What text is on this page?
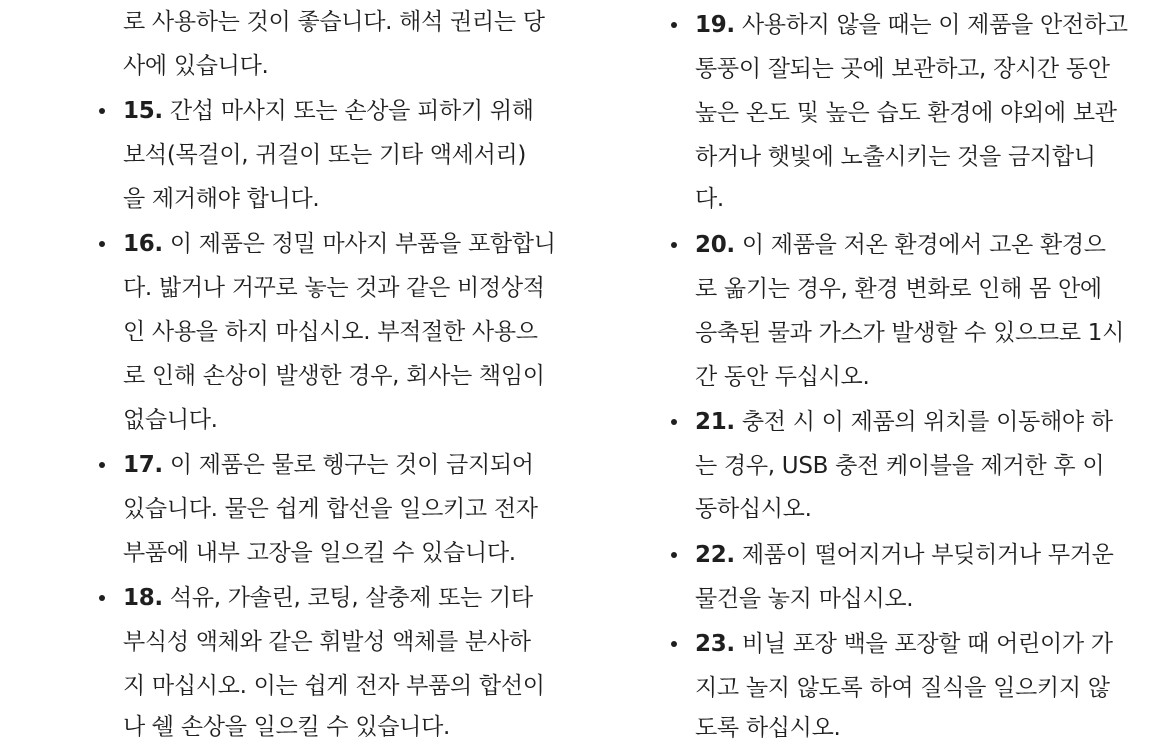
로 사용하는 것이 좋습니다. 해석 권리는 당
사에 있습니다.
15. 간섭 마사지 또는 손상을 피하기 위해
보석(목걸이, 귀걸이 또는 기타 액세서리)
을 제거해야 합니다.
16. 이 제품은 정밀 마사지 부품을 포함합니
다. 밟거나 거꾸로 놓는 것과 같은 비정상적
인 사용을 하지 마십시오. 부적절한 사용으
로 인해 손상이 발생한 경우, 회사는 책임이
없습니다.
17. 이 제품은 물로 헹구는 것이 금지되어
있습니다. 물은 쉽게 합선을 일으키고 전자
부품에 내부 고장을 일으킬 수 있습니다.
18. 석유, 가솔린, 코팅, 살충제 또는 기타
부식성 액체와 같은 휘발성 액체를 분사하
지 마십시오. 이는 쉽게 전자 부품의 합선이
나 쉘 손상을 일으킬 수 있습니다.
19. 사용하지 않을 때는 이 제품을 안전하고
통풍이 잘되는 곳에 보관하고, 장시간 동안
높은 온도 및 높은 습도 환경에 야외에 보관
하거나 햇빛에 노출시키는 것을 금지합니
다.
20. 이 제품을 저온 환경에서 고온 환경으
로 옮기는 경우, 환경 변화로 인해 몸 안에
응축된 물과 가스가 발생할 수 있으므로 1시
간 동안 두십시오.
21. 충전 시 이 제품의 위치를 이동해야 하
는 경우, USB 충전 케이블을 제거한 후 이
동하십시오.
22. 제품이 떨어지거나 부딪히거나 무거운
물건을 놓지 마십시오.
23. 비닐 포장 백을 포장할 때 어린이가 가
지고 놀지 않도록 하여 질식을 일으키지 않
도록 하십시오.
